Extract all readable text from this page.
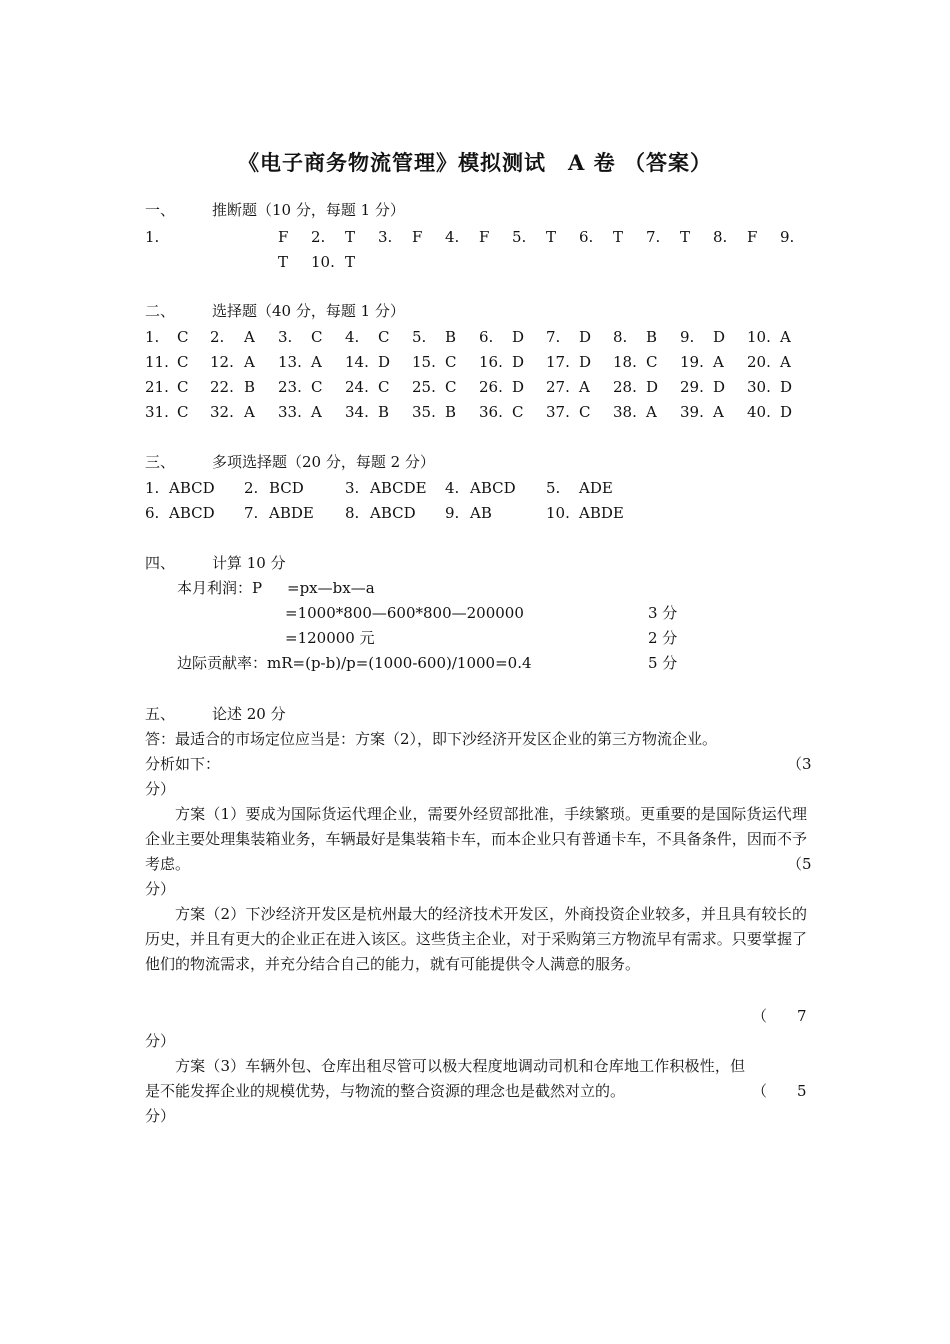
《电子商务物流管理》模拟测试　A 卷 （答案）
一、 推断题（10 分，每题 1 分）
1.	F 2. T 3. F 4. F 5. T 6. T 7. T 8. F 9.
T 10. T
二、 选择题（40 分，每题 1 分）
1. C 2. A 3. C 4. C 5. B 6. D 7. D 8. B 9. D 10. A
11. C 12. A 13. A 14. D 15. C 16. D 17. D 18. C 19. A 20. A
21. C 22. B 23. C 24. C 25. C 26. D 27. A 28. D 29. D 30. D
31. C 32. A 33. A 34. B 35. B 36. C 37. C 38. A 39. A 40. D
三、 多项选择题（20 分，每题 2 分）
1. ABCD 2. BCD	3. ABCDE 4. ABCD 5. ADE
6. ABCD 7. ABDE 8. ABCD 9. AB	10. ABDE
四、 计算 10 分
本月利润：P =px—bx—a
=1000*800—600*800—200000	3 分
=120000 元	2 分
边际贡献率：mR=(p-b)/p=(1000-600)/1000=0.4	5 分
五、 论述 20 分
答：最适合的市场定位应当是：方案（2），即下沙经济开发区企业的第三方物流企业。
分析如下：	（3
分）
方案（1）要成为国际货运代理企业，需要外经贸部批准，手续繁琐。更重要的是国际货运代理企业主要处理集装箱业务，车辆最好是集装箱卡车，而本企业只有普通卡车，不具备条件，因而不予考虑。	（5
分）
方案（2）下沙经济开发区是杭州最大的经济技术开发区，外商投资企业较多，并且具有较长的历史，并且有更大的企业正在进入该区。这些货主企业，对于采购第三方物流早有需求。只要掌握了他们的物流需求，并充分结合自己的能力，就有可能提供令人满意的服务。
（ 7
分）
方案（3）车辆外包、仓库出租尽管可以极大程度地调动司机和仓库地工作积极性，但是不能发挥企业的规模优势，与物流的整合资源的理念也是截然对立的。	（ 5
分）
